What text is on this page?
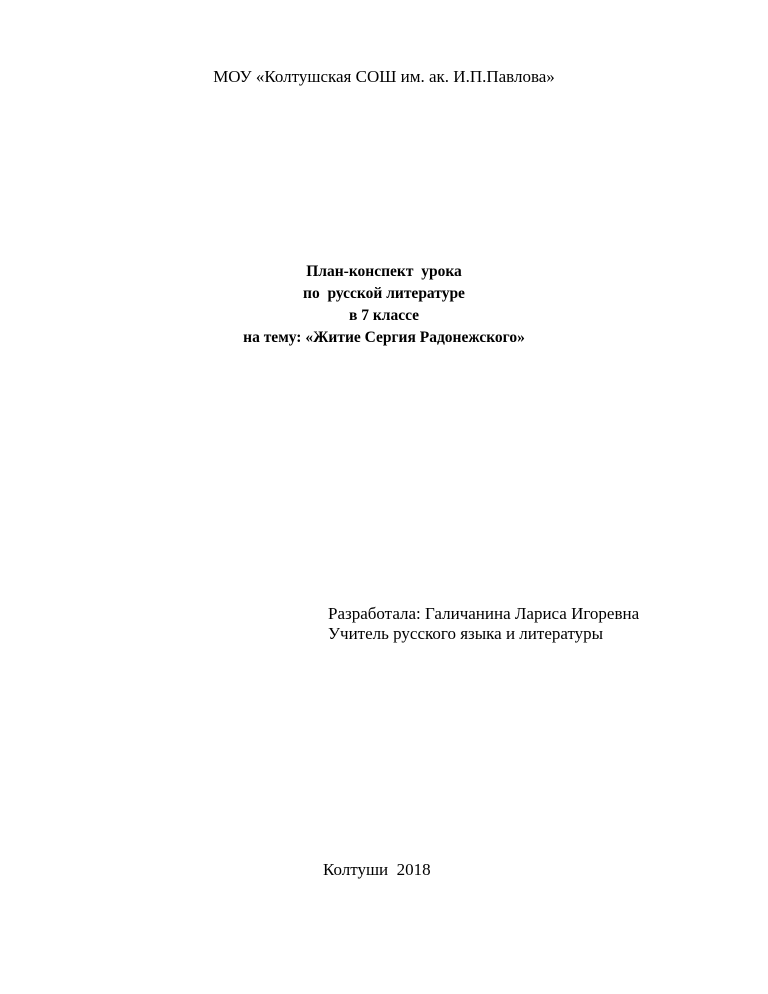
МОУ «Колтушская СОШ им. ак. И.П.Павлова»
План-конспект  урока
по  русской литературе
в 7 классе
на тему: «Житие Сергия Радонежского»
Разработала: Галичанина Лариса Игоревна
Учитель русского языка и литературы
Колтуши  2018
